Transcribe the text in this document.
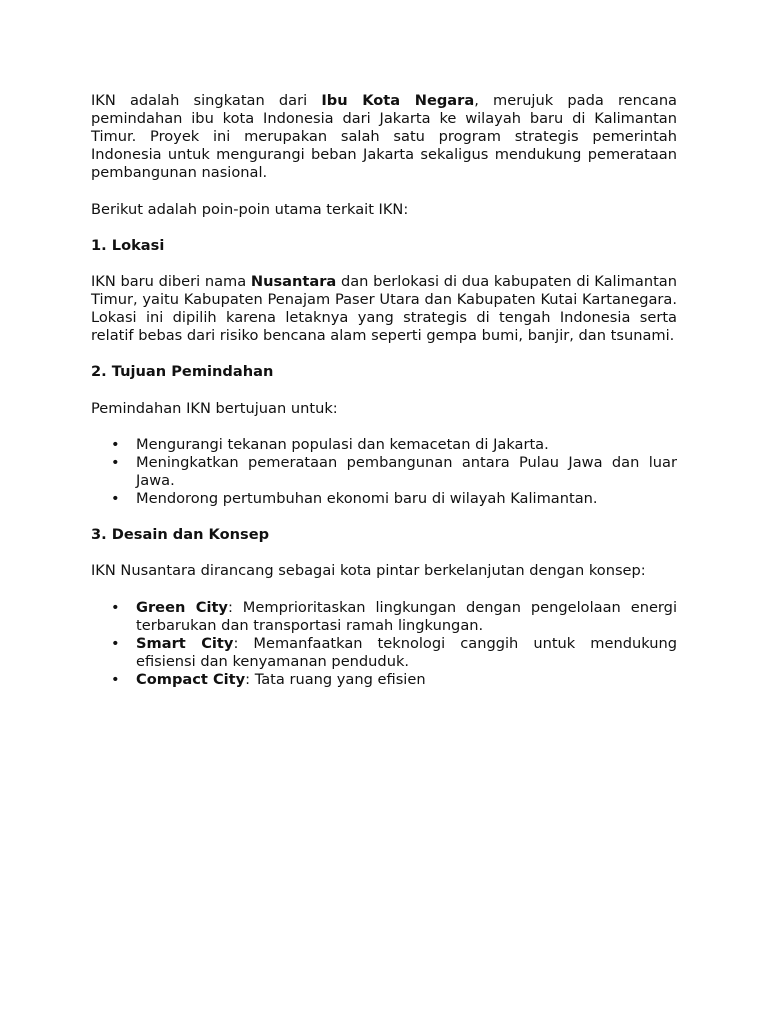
IKN adalah singkatan dari Ibu Kota Negara, merujuk pada rencana pemindahan ibu kota Indonesia dari Jakarta ke wilayah baru di Kalimantan Timur. Proyek ini merupakan salah satu program strategis pemerintah Indonesia untuk mengurangi beban Jakarta sekaligus mendukung pemerataan pembangunan nasional.

Berikut adalah poin-poin utama terkait IKN:

1. Lokasi

IKN baru diberi nama Nusantara dan berlokasi di dua kabupaten di Kalimantan Timur, yaitu Kabupaten Penajam Paser Utara dan Kabupaten Kutai Kartanegara. Lokasi ini dipilih karena letaknya yang strategis di tengah Indonesia serta relatif bebas dari risiko bencana alam seperti gempa bumi, banjir, dan tsunami.

2. Tujuan Pemindahan

Pemindahan IKN bertujuan untuk:

• Mengurangi tekanan populasi dan kemacetan di Jakarta.
• Meningkatkan pemerataan pembangunan antara Pulau Jawa dan luar Jawa.
• Mendorong pertumbuhan ekonomi baru di wilayah Kalimantan.
3. Desain dan Konsep

IKN Nusantara dirancang sebagai kota pintar berkelanjutan dengan konsep:

• Green City: Memprioritaskan lingkungan dengan pengelolaan energi terbarukan dan transportasi ramah lingkungan.
• Smart City: Memanfaatkan teknologi canggih untuk mendukung efisiensi dan kenyamanan penduduk.
• Compact City: Tata ruang yang efisien
